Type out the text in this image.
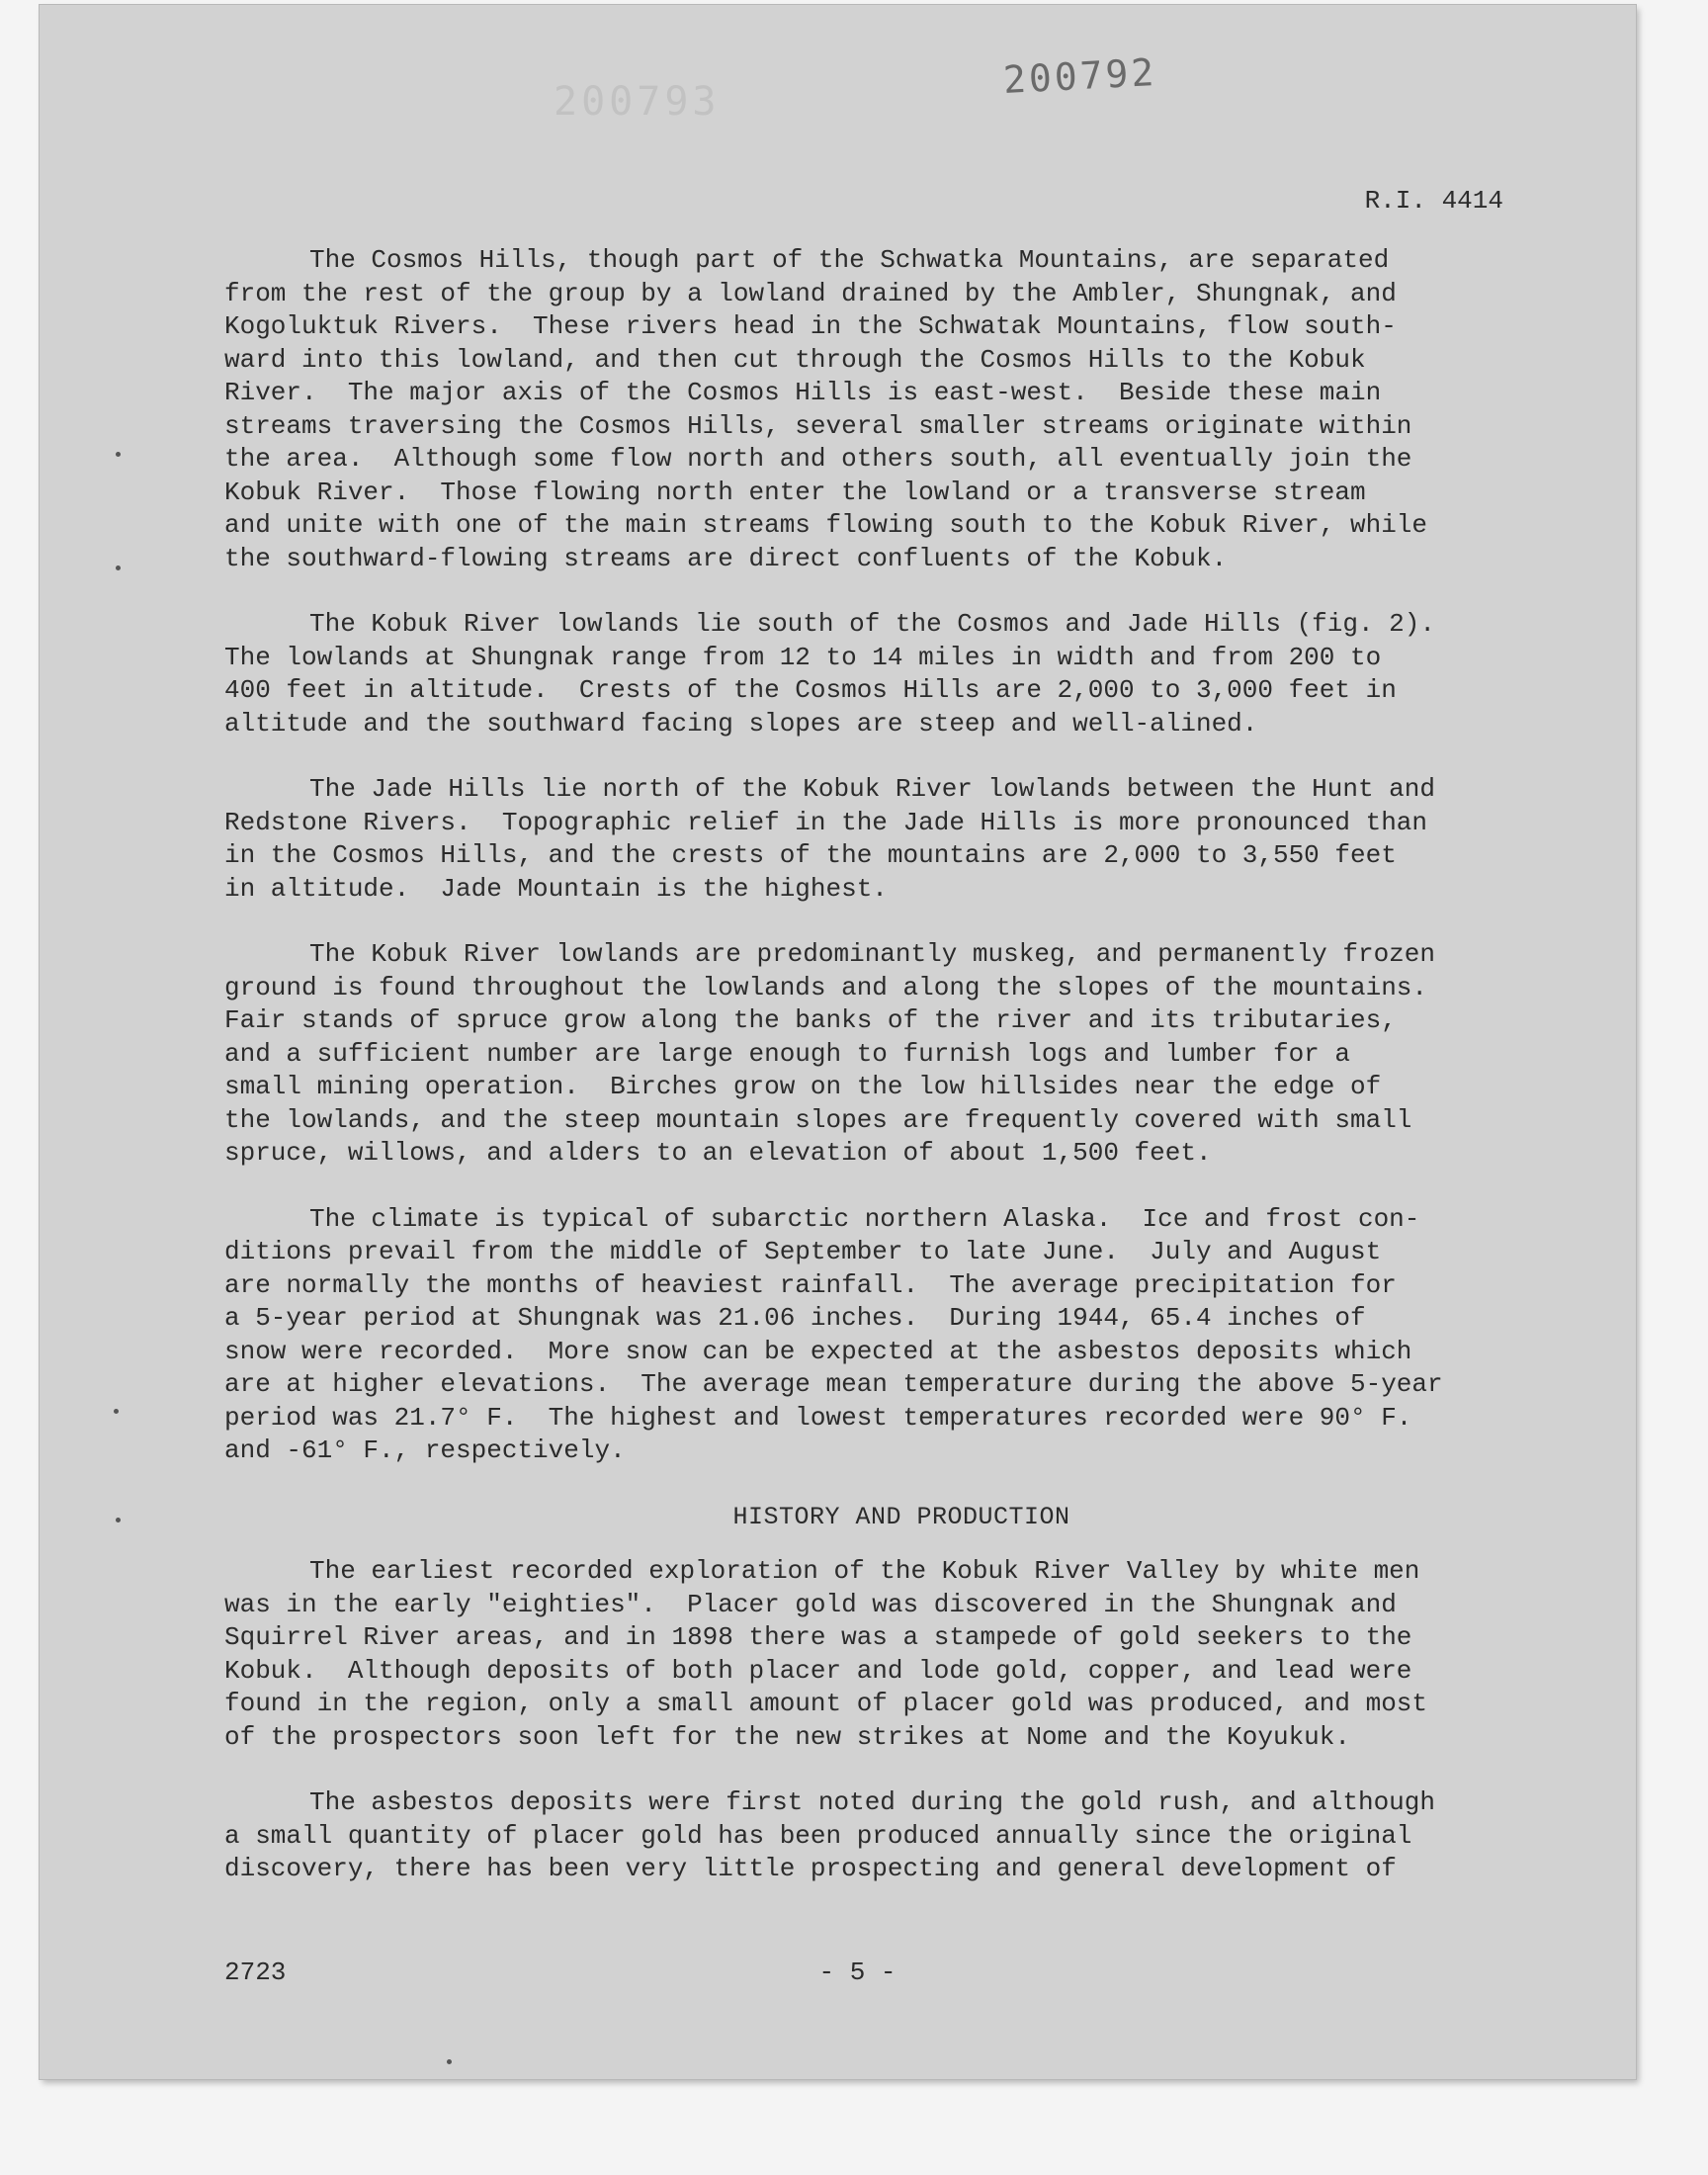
200793	200792
R.I. 4414

The Cosmos Hills, though part of the Schwatka Mountains, are separated
from the rest of the group by a lowland drained by the Ambler, Shungnak, and
Kogoluktuk Rivers.  These rivers head in the Schwatak Mountains, flow south-
ward into this lowland, and then cut through the Cosmos Hills to the Kobuk
River.  The major axis of the Cosmos Hills is east-west.  Beside these main
streams traversing the Cosmos Hills, several smaller streams originate within
the area.  Although some flow north and others south, all eventually join the
Kobuk River.  Those flowing north enter the lowland or a transverse stream
and unite with one of the main streams flowing south to the Kobuk River, while
the southward-flowing streams are direct confluents of the Kobuk.

The Kobuk River lowlands lie south of the Cosmos and Jade Hills (fig. 2).
The lowlands at Shungnak range from 12 to 14 miles in width and from 200 to
400 feet in altitude.  Crests of the Cosmos Hills are 2,000 to 3,000 feet in
altitude and the southward facing slopes are steep and well-alined.

The Jade Hills lie north of the Kobuk River lowlands between the Hunt and
Redstone Rivers.  Topographic relief in the Jade Hills is more pronounced than
in the Cosmos Hills, and the crests of the mountains are 2,000 to 3,550 feet
in altitude.  Jade Mountain is the highest.

The Kobuk River lowlands are predominantly muskeg, and permanently frozen
ground is found throughout the lowlands and along the slopes of the mountains.
Fair stands of spruce grow along the banks of the river and its tributaries,
and a sufficient number are large enough to furnish logs and lumber for a
small mining operation.  Birches grow on the low hillsides near the edge of
the lowlands, and the steep mountain slopes are frequently covered with small
spruce, willows, and alders to an elevation of about 1,500 feet.

The climate is typical of subarctic northern Alaska.  Ice and frost con-
ditions prevail from the middle of September to late June.  July and August
are normally the months of heaviest rainfall.  The average precipitation for
a 5-year period at Shungnak was 21.06 inches.  During 1944, 65.4 inches of
snow were recorded.  More snow can be expected at the asbestos deposits which
are at higher elevations.  The average mean temperature during the above 5-year
period was 21.7° F.  The highest and lowest temperatures recorded were 90° F.
and -61° F., respectively.

HISTORY AND PRODUCTION

The earliest recorded exploration of the Kobuk River Valley by white men
was in the early "eighties".  Placer gold was discovered in the Shungnak and
Squirrel River areas, and in 1898 there was a stampede of gold seekers to the
Kobuk.  Although deposits of both placer and lode gold, copper, and lead were
found in the region, only a small amount of placer gold was produced, and most
of the prospectors soon left for the new strikes at Nome and the Koyukuk.

The asbestos deposits were first noted during the gold rush, and although
a small quantity of placer gold has been produced annually since the original
discovery, there has been very little prospecting and general development of

2723	- 5 -
